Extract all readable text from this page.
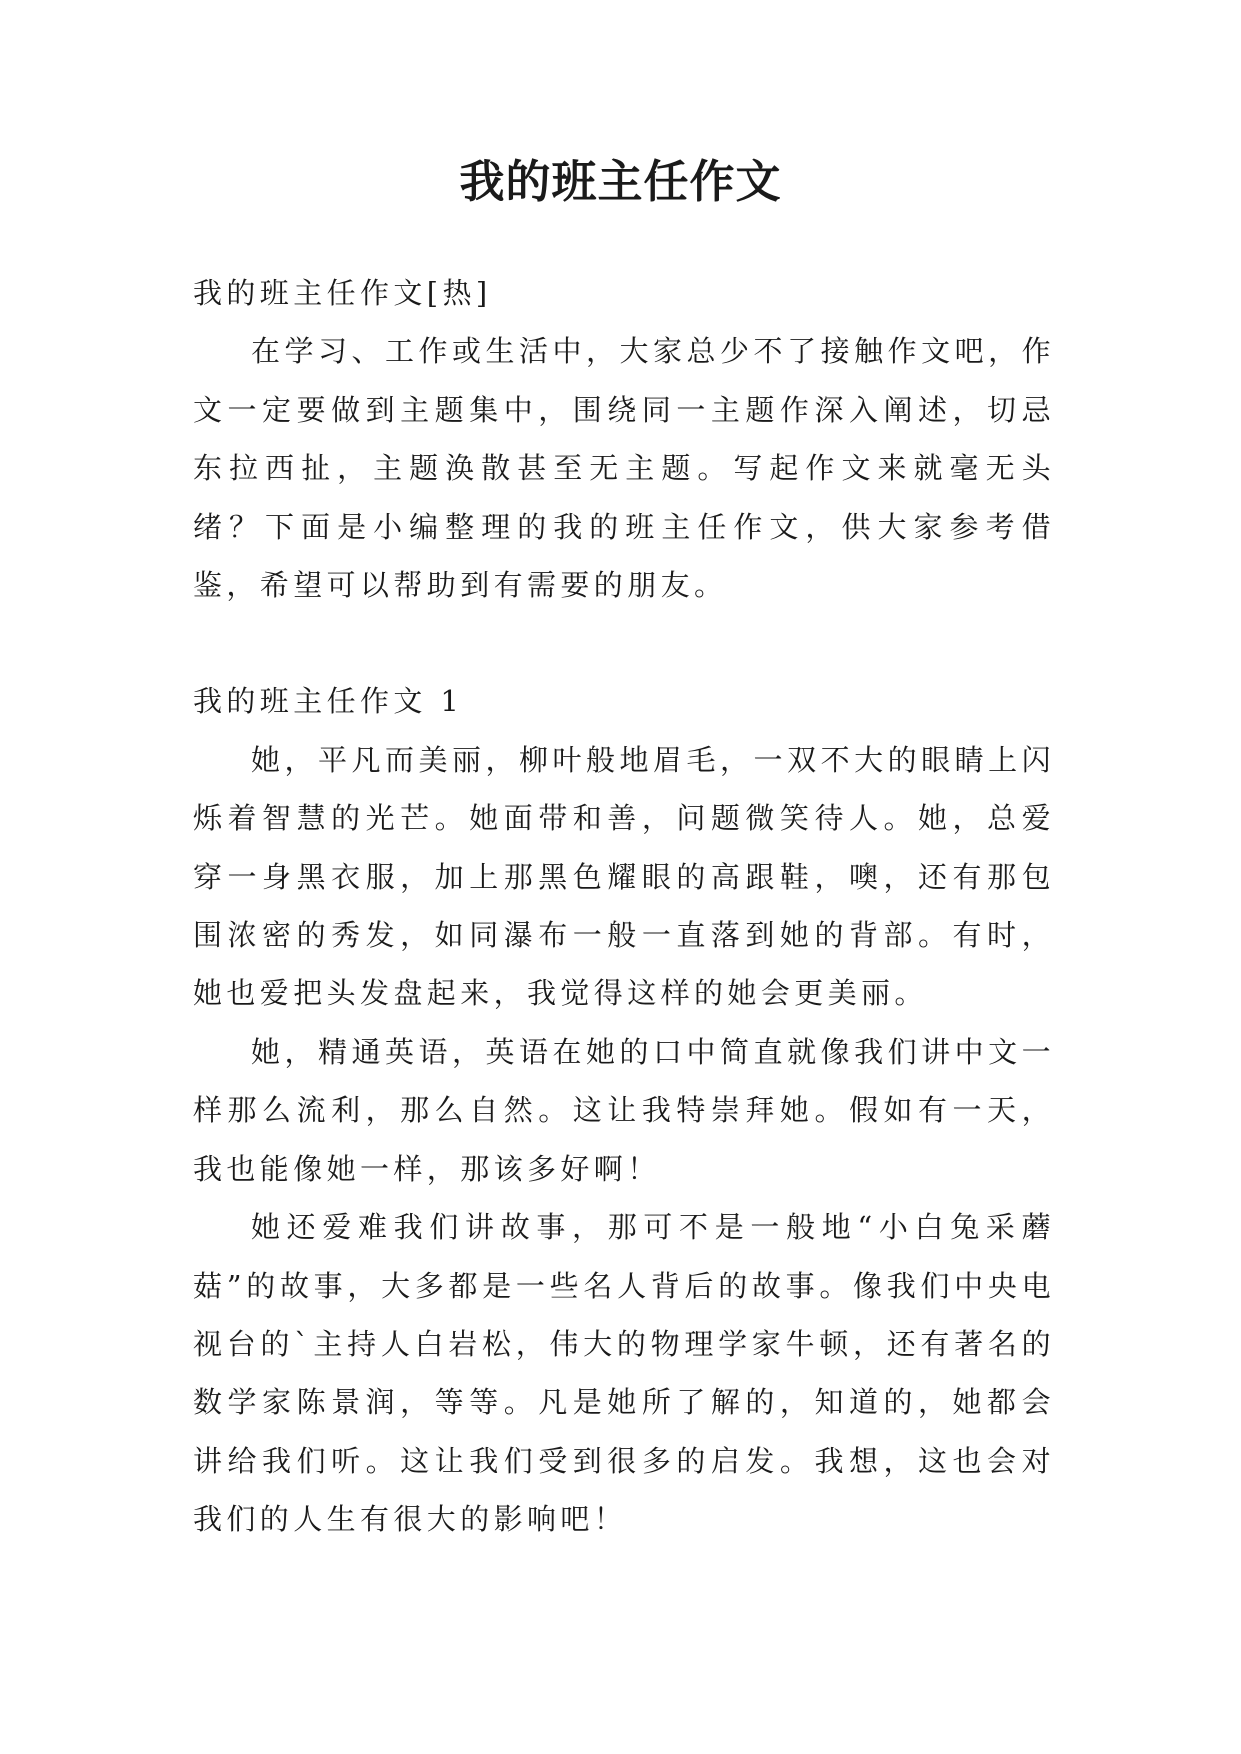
我的班主任作文

我的班主任作文[热]

在学习、工作或生活中，大家总少不了接触作文吧，作文一定要做到主题集中，围绕同一主题作深入阐述，切忌东拉西扯，主题涣散甚至无主题。写起作文来就毫无头绪？下面是小编整理的我的班主任作文，供大家参考借鉴，希望可以帮助到有需要的朋友。

我的班主任作文 1

她，平凡而美丽，柳叶般地眉毛，一双不大的眼睛上闪烁着智慧的光芒。她面带和善，问题微笑待人。她，总爱穿一身黑衣服，加上那黑色耀眼的高跟鞋，噢，还有那包围浓密的秀发，如同瀑布一般一直落到她的背部。有时，她也爱把头发盘起来，我觉得这样的她会更美丽。

她，精通英语，英语在她的口中简直就像我们讲中文一样那么流利，那么自然。这让我特崇拜她。假如有一天，我也能像她一样，那该多好啊！

她还爱难我们讲故事，那可不是一般地“小白兔采蘑菇”的故事，大多都是一些名人背后的故事。像我们中央电视台的`主持人白岩松，伟大的物理学家牛顿，还有著名的数学家陈景润，等等。凡是她所了解的，知道的，她都会讲给我们听。这让我们受到很多的启发。我想，这也会对我们的人生有很大的影响吧！
